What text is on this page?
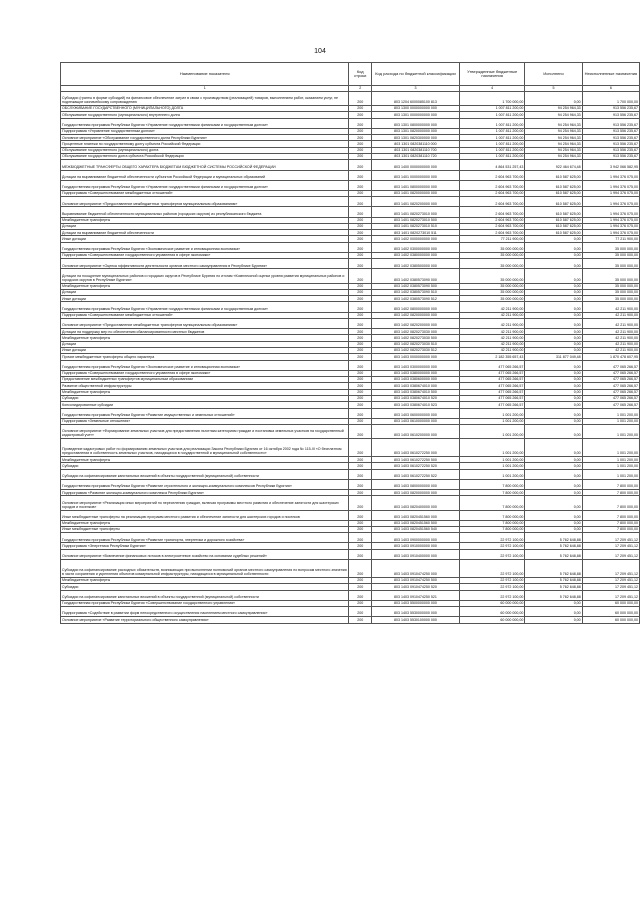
104
Наименование показателя	Код строки	Код расхода по бюджетной классификации	Утвержденные бюджетные назначения	Исполнено	Неисполненные назначения
1	2	3	4	5	6
Субсидии (гранты в форме субсидий) на финансовое обеспечение затрат в связи с производством (реализацией) товаров, выполнением работ, оказанием услуг, не подлежащие казначейскому сопровождению	200	803 1204 6000085100 813	1 700 000,00	0,00	1 700 000,00
ОБСЛУЖИВАНИЕ ГОСУДАРСТВЕННОГО (МУНИЦИПАЛЬНОГО) ДОЛГА	200	803 1300 0000000000 000	1 007 811 200,00	94 254 964,33	913 556 235,67
Обслуживание государственного (муниципального) внутреннего долга	200	803 1301 0000000000 000	1 007 811 200,00	94 254 964,33	913 556 235,67
Государственная программа Республики Бурятия «Управление государственными финансами и государственным долгом»	200	803 1301 0800000000 000	1 007 811 200,00	94 254 964,33	913 556 235,67
Подпрограмма «Управление государственным долгом»	200	803 1301 0820000000 000	1 007 811 200,00	94 254 964,33	913 556 235,67
Основное мероприятие «Обслуживание государственного долга Республики Бурятия»	200	803 1301 0820300000 000	1 007 811 200,00	94 254 964,33	913 556 235,67
Процентные платежи по государственному долгу субъекта Российской Федерации	200	803 1301 0820381110 000	1 007 811 200,00	94 254 964,33	913 556 235,67
Обслуживание государственного (муниципального) долга	200	803 1301 0820381110 700	1 007 811 200,00	94 254 964,33	913 556 235,67
Обслуживание государственного долга субъекта Российской Федерации	200	803 1301 0820381110 720	1 007 811 200,00	94 254 964,33	913 556 235,67
МЕЖБЮДЖЕТНЫЕ ТРАНСФЕРТЫ ОБЩЕГО ХАРАКТЕРА БЮДЖЕТАМ БЮДЖЕТНОЙ СИСТЕМЫ РОССИЙСКОЙ ФЕДЕРАЦИИ	200	803 1400 0000000000 000	4 864 531 257,43	922 464 674,48	3 942 066 582,95
Дотации на выравнивание бюджетной обеспеченности субъектов Российской Федерации и муниципальных образований	200	803 1401 0000000000 000	2 604 963 700,00	610 587 625,00	1 994 376 075,00
Государственная программа Республики Бурятия «Управление государственными финансами и государственным долгом»	200	803 1401 0800000000 000	2 604 963 700,00	610 587 625,00	1 994 376 075,00
Подпрограмма «Совершенствование межбюджетных отношений»	200	803 1401 0820000000 000	2 604 963 700,00	610 587 625,00	1 994 376 075,00
Основное мероприятие «Предоставление межбюджетных трансфертов муниципальным образованиям»	200	803 1401 0820200000 000	2 604 963 700,00	610 587 625,00	1 994 376 075,00
Выравнивание бюджетной обеспеченности муниципальных районов (городских округов) из республиканского бюджета	200	803 1401 0820273010 000	2 604 963 700,00	610 587 625,00	1 994 376 075,00
Межбюджетные трансферты	200	803 1401 0820273010 500	2 604 963 700,00	610 587 625,00	1 994 376 075,00
Дотации	200	803 1401 0820273010 510	2 604 963 700,00	610 587 625,00	1 994 376 075,00
Дотации на выравнивание бюджетной обеспеченности	200	803 1401 0820273010 511	2 604 963 700,00	610 587 625,00	1 994 376 075,00
Иные дотации	200	803 1402 0000000000 000	77 211 900,00	0,00	77 211 900,00
Государственная программа Республики Бурятия «Экономическое развитие и инновационная экономика»	200	803 1402 0300000000 000	35 000 000,00	0,00	35 000 000,00
Подпрограмма «Совершенствование государственного управления в сфере экономики»	200	803 1402 0380000000 000	35 000 000,00	0,00	35 000 000,00
Основное мероприятие «Оценка эффективности деятельности органов местного самоуправления в Республике Бурятия»	200	803 1402 0380500000 000	35 000 000,00	0,00	35 000 000,00
Дотации на поощрение муниципальных районов и городских округов в Республике Бурятия по итогам «Комплексной оценки уровня развития муниципальных районов и городских округов в Республике Бурятия»	200	803 1402 0380573090 000	35 000 000,00	0,00	35 000 000,00
Межбюджетные трансферты	200	803 1402 0380573090 500	35 000 000,00	0,00	35 000 000,00
Дотации	200	803 1402 0380573090 510	35 000 000,00	0,00	35 000 000,00
Иные дотации	200	803 1402 0380573090 512	35 000 000,00	0,00	35 000 000,00
Государственная программа Республики Бурятия «Управление государственными финансами и государственным долгом»	200	803 1402 0800000000 000	42 211 900,00	0,00	42 211 900,00
Подпрограмма «Совершенствование межбюджетных отношений»	200	803 1402 0820000000 000	42 211 900,00	0,00	42 211 900,00
Основное мероприятие «Предоставление межбюджетных трансфертов муниципальным образованиям»	200	803 1402 0820200000 000	42 211 900,00	0,00	42 211 900,00
Дотации на поддержку мер по обеспечению сбалансированности местных бюджетов	200	803 1402 0820273030 000	42 211 900,00	0,00	42 211 900,00
Межбюджетные трансферты	200	803 1402 0820273030 500	42 211 900,00	0,00	42 211 900,00
Дотации	200	803 1402 0820273030 510	42 211 900,00	0,00	42 211 900,00
Иные дотации	200	803 1402 0820273030 512	42 211 900,00	0,00	42 211 900,00
Прочие межбюджетные трансферты общего характера	200	803 1403 0000000000 000	2 182 355 657,43	311 877 049,48	1 870 478 607,95
Государственная программа Республики Бурятия «Экономическое развитие и инновационная экономика»	200	803 1403 0300000000 000	477 065 266,57	0,00	477 065 266,57
Подпрограмма «Совершенствование государственного управления в сфере экономики»	200	803 1403 0380000000 000	477 065 266,57	0,00	477 065 266,57
Предоставление межбюджетных трансфертов муниципальным образованиям	200	803 1403 0380600000 000	477 065 266,57	0,00	477 065 266,57
Развитие общественной инфраструктуры	200	803 1403 0380674010 000	477 065 266,57	0,00	477 065 266,57
Межбюджетные трансферты	200	803 1403 0380674010 500	477 065 266,57	0,00	477 065 266,57
Субсидии	200	803 1403 0380674010 520	477 065 266,57	0,00	477 065 266,57
Консолидированные субсидии	200	803 1403 0380674010 523	477 065 266,57	0,00	477 065 266,57
Государственная программа Республики Бурятия «Развитие имущественных и земельных отношений»	200	803 1403 0600000000 000	1 001 200,00	0,00	1 001 200,00
Подпрограмма «Земельные отношения»	200	803 1403 0610000000 000	1 001 200,00	0,00	1 001 200,00
Основное мероприятие «Формирование земельных участков для предоставления льготным категориям граждан и постановка земельных участков на государственный кадастровый учет»	200	803 1403 0610200000 000	1 001 200,00	0,00	1 001 200,00
Проведение кадастровых работ по формированию земельных участков для реализации Закона Республики Бурятия от 16 октября 2002 года № 115-III «О бесплатном предоставлении в собственность земельных участков, находящихся в государственной и муниципальной собственности»	200	803 1403 0610272250 000	1 001 200,00	0,00	1 001 200,00
Межбюджетные трансферты	200	803 1403 0610272250 500	1 001 200,00	0,00	1 001 200,00
Субсидии	200	803 1403 0610272250 520	1 001 200,00	0,00	1 001 200,00
Субсидии на софинансирование капитальных вложений в объекты государственной (муниципальной) собственности	200	803 1403 0610272250 522	1 001 200,00	0,00	1 001 200,00
Государственная программа Республики Бурятия «Развитие строительного и жилищно-коммунального комплексов Республики Бурятия»	200	803 1403 0800000000 000	7 800 000,00	0,00	7 800 000,00
Подпрограмма «Развитие жилищно-коммунального комплекса Республики Бурятия»	200	803 1403 0820000000 000	7 800 000,00	0,00	7 800 000,00
Основное мероприятие «Реализация иных мероприятий по переселению граждан, включая программы местного развития и обеспечение занятости для шахтерских городов и поселков»	200	803 1403 0820400000 000	7 800 000,00	0,00	7 800 000,00
Иные межбюджетные трансферты на реализацию программ местного развития и обеспечение занятости для шахтерских городов и поселков	200	803 1403 0820451560 000	7 800 000,00	0,00	7 800 000,00
Межбюджетные трансферты	200	803 1403 0820451560 500	7 800 000,00	0,00	7 800 000,00
Иные межбюджетные трансферты	200	803 1403 0820451560 540	7 800 000,00	0,00	7 800 000,00
Государственная программа Республики Бурятия «Развитие транспорта, энергетики и дорожного хозяйства»	200	803 1403 0900000000 000	22 972 100,00	5 762 648,88	17 209 451,12
Подпрограмма «Энергетика Республики Бурятия»	200	803 1403 0910000000 000	22 972 100,00	5 762 648,88	17 209 451,12
Основное мероприятие «Вовлечение финансовых потоков в электросетевое хозяйство на основании судебных решений»	200	803 1403 0910400000 000	22 972 100,00	5 762 648,88	17 209 451,12
Субсидии на софинансирование расходных обязательств, возникающих при выполнении полномочий органов местного самоуправления по вопросам местного значения в части сохранения и укрепления объектов коммунальной инфраструктуры, находящихся в муниципальной собственности	200	803 1403 0910474250 000	22 972 100,00	5 762 648,88	17 209 451,12
Межбюджетные трансферты	200	803 1403 0910474250 500	22 972 100,00	5 762 648,88	17 209 451,12
Субсидии	200	803 1403 0910474250 520	22 972 100,00	5 762 648,88	17 209 451,12
Субсидии на софинансирование капитальных вложений в объекты государственной (муниципальной) собственности	200	803 1403 0910474250 521	22 972 100,00	5 762 648,88	17 209 451,12
Государственная программа Республики Бурятия «Совершенствование государственного управления»	200	803 1403 5500000000 000	60 000 000,00	0,00	60 000 000,00
Подпрограмма «Содействие в развитии форм непосредственного осуществления населением местного самоуправления»	200	803 1403 5530000000 000	60 000 000,00	0,00	60 000 000,00
Основное мероприятие «Развитие территориального общественного самоуправления»	200	803 1403 5530100000 000	60 000 000,00	0,00	60 000 000,00
